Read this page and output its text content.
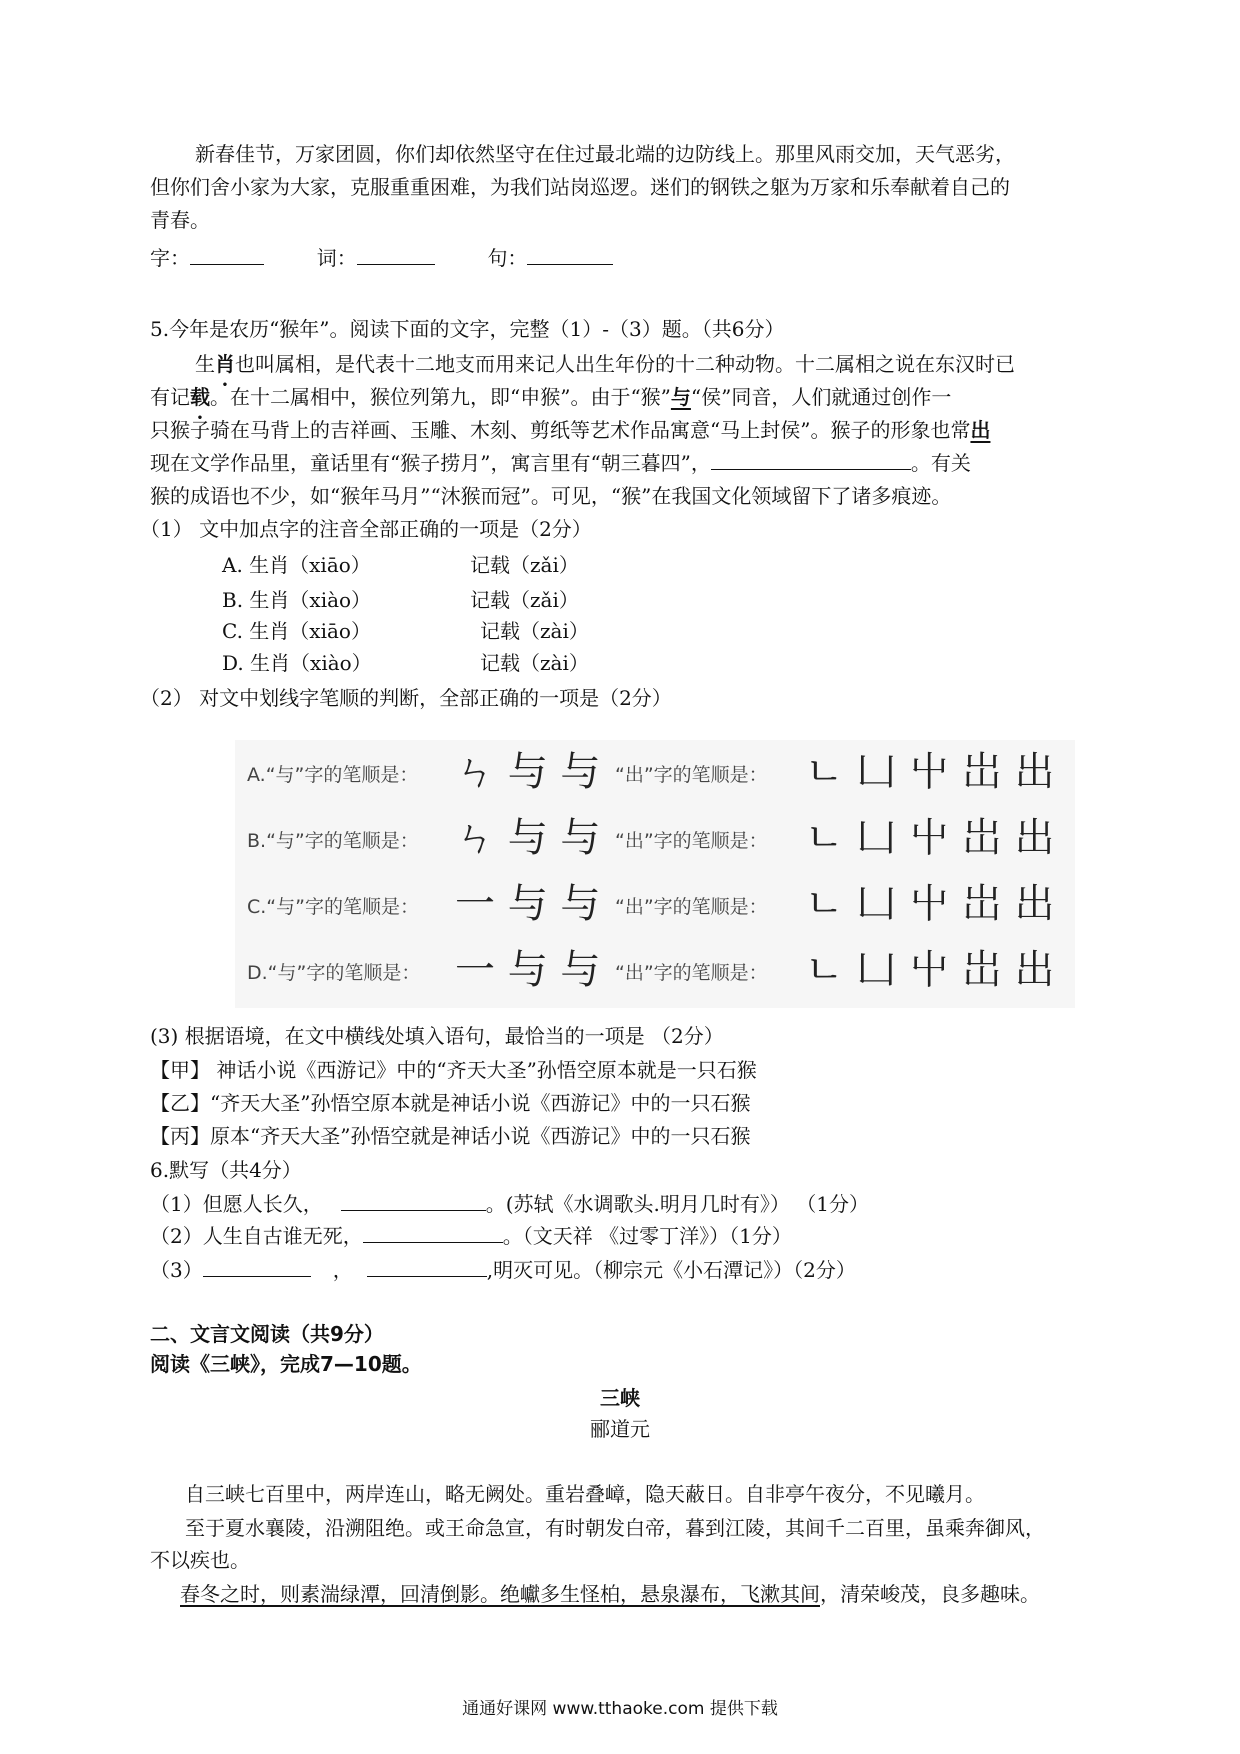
新春佳节，万家团圆，你们却依然坚守在住过最北端的边防线上。那里风雨交加，天气恶劣，
但你们舍小家为大家，克服重重困难，为我们站岗巡逻。迷们的钢铁之躯为万家和乐奉献着自己的
青春。
字：	词：	句：
5.今年是农历“猴年”。阅读下面的文字，完整（1）-（3）题。（共6分）
生肖也叫属相，是代表十二地支而用来记人出生年份的十二种动物。十二属相之说在东汉时已
有记载。在十二属相中，猴位列第九，即“申猴”。由于“猴”与“侯”同音，人们就通过创作一
只猴子骑在马背上的吉祥画、玉雕、木刻、剪纸等艺术作品寓意“马上封侯”。猴子的形象也常出
现在文学作品里，童话里有“猴子捞月”，寓言里有“朝三暮四”，	。有关
猴的成语也不少，如“猴年马月”“沐猴而冠”。可见，“猴”在我国文化领域留下了诸多痕迹。
（1） 文中加点字的注音全部正确的一项是（2分）
A. 生肖（xiāo）	记载（zǎi）
B. 生肖（xiào）	记载（zǎi）
C. 生肖（xiāo）	记载（zài）
D. 生肖（xiào）	记载（zài）
（2） 对文中划线字笔顺的判断，全部正确的一项是（2分）
A.“与”字的笔顺是： ㄣ 与 与 “出”字的笔顺是： ㄴ 凵 屮 岀 出
B.“与”字的笔顺是： ㄣ 与 与 “出”字的笔顺是： ㄴ 凵 屮 岀 出
C.“与”字的笔顺是： 一 与 与 “出”字的笔顺是： ㄴ 凵 屮 岀 出
D.“与”字的笔顺是： 一 与 与 “出”字的笔顺是： ㄴ 凵 屮 岀 出
(3) 根据语境，在文中横线处填入语句，最恰当的一项是 （2分）
【甲】 神话小说《西游记》中的“齐天大圣”孙悟空原本就是一只石猴
【乙】“齐天大圣”孙悟空原本就是神话小说《西游记》中的一只石猴
【丙】原本“齐天大圣”孙悟空就是神话小说《西游记》中的一只石猴
6.默写（共4分）
（1）但愿人长久，	。(苏轼《水调歌头.明月几时有》） （1分）
（2）人生自古谁无死，	。（文天祥 《过零丁洋》）（1分）
（3）	，	,明灭可见。（柳宗元《小石潭记》）（2分）
二、文言文阅读（共9分）
阅读《三峡》，完成7—10题。
三峡
郦道元
自三峡七百里中，两岸连山，略无阙处。重岩叠嶂，隐天蔽日。自非亭午夜分，不见曦月。
至于夏水襄陵，沿溯阻绝。或王命急宣，有时朝发白帝，暮到江陵，其间千二百里，虽乘奔御风，
不以疾也。
春冬之时，则素湍绿潭，回清倒影。绝巘多生怪柏，悬泉瀑布，飞漱其间，清荣峻茂，良多趣味。
通通好课网 www.tthaoke.com 提供下载
